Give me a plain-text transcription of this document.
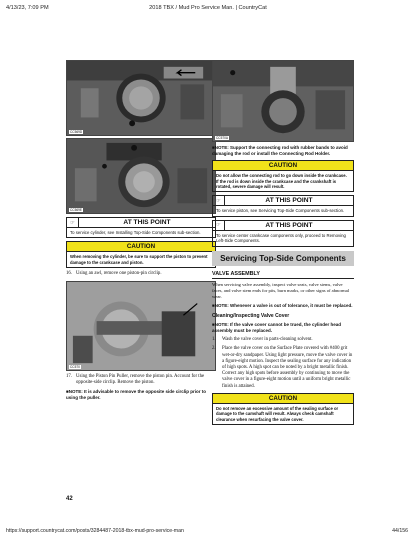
4/13/23, 7:09 PM	2018 TBX / Mud Pro Service Man. | CountryCat
CC569D
CC569E
☞	AT THIS POINT
To service cylinder, see Installing Top-Side Components sub-section.
CAUTION
When removing the cylinder, be sure to support the piston to prevent damage to the crankcase and piston.
16. Using an awl, remove one piston-pin circlip.
CC570
17. Using the Piston Pin Puller, remove the piston pin. Account for the opposite-side circlip. Remove the piston.
■NOTE: It is advisable to remove the opposite side circlip prior to using the puller.
CC570A
■NOTE: Support the connecting rod with rubber bands to avoid damaging the rod or install the Connecting Rod Holder.
CAUTION
Do not allow the connecting rod to go down inside the crankcase. If the rod is down inside the crankcase and the crankshaft is rotated, severe damage will result.
☞	AT THIS POINT
To service piston, see Servicing Top-Side Components sub-section.
☞	AT THIS POINT
To service center crankcase components only, proceed to Removing Left-Side Components.
Servicing Top-Side Components
VALVE ASSEMBLY
When servicing valve assembly, inspect valve seats, valve stems, valve faces, and valve stem ends for pits, burn marks, or other signs of abnormal wear.
■NOTE: Whenever a valve is out of tolerance, it must be replaced.
Cleaning/Inspecting Valve Cover
■NOTE: If the valve cover cannot be trued, the cylinder head assembly must be replaced.
1.	Wash the valve cover in parts-cleaning solvent.
2.	Place the valve cover on the Surface Plate covered with #400 grit wet-or-dry sandpaper. Using light pressure, move the valve cover in a figure-eight motion. Inspect the sealing surface for any indication of high spots. A high spot can be noted by a bright metallic finish. Correct any high spots before assembly by continuing to move the valve cover in a figure-eight motion until a uniform bright metallic finish is attained.
CAUTION
Do not remove an excessive amount of the sealing surface or damage to the camshaft will result. Always check camshaft clearance when resurfacing the valve cover.
42
https://support.countrycat.com/posts/3284487-2018-tbx-mud-pro-service-man	44/156
